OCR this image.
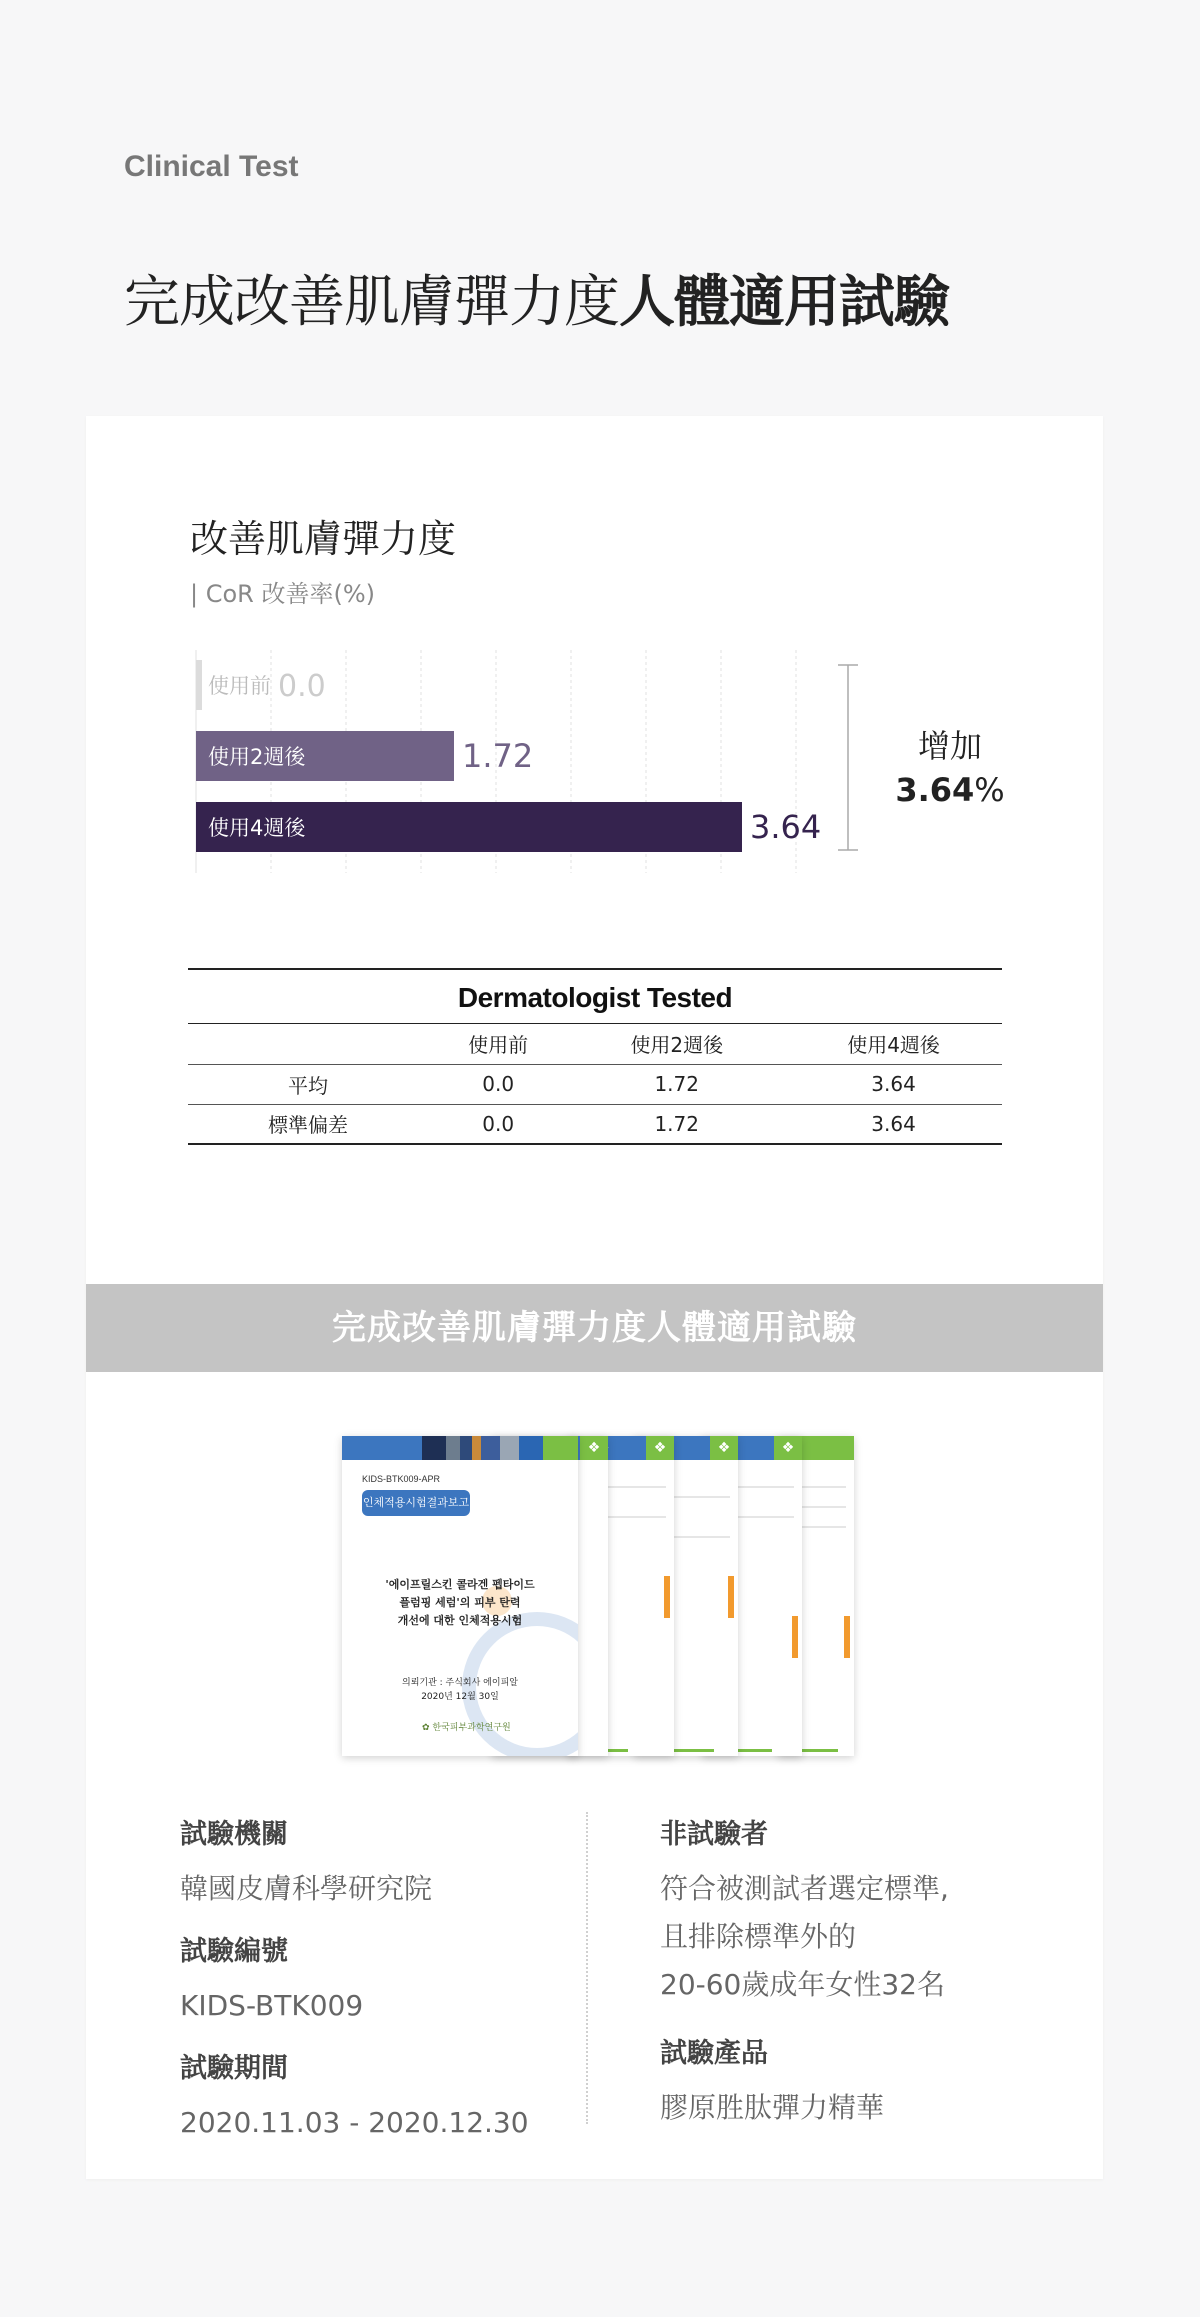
Clinical Test
完成改善肌膚彈力度人體適用試驗
改善肌膚彈力度
| CoR 改善率(%)
使用前 0.0
使用2週後	1.72
使用4週後	3.64
增加
3.64%
Dermatologist Tested
	使用前	使用2週後	使用4週後
平均	0.0	1.72	3.64
標準偏差	0.0	1.72	3.64
完成改善肌膚彈力度人體適用試驗
❖
❖
❖
❖
KIDS-BTK009-APR
인체적용시험결과보고서
'에이프릴스킨 콜라겐 펩타이드
플럼핑 세럼'의 피부 탄력
개선에 대한 인체적용시험
의뢰기관 : 주식회사 에이피알
2020년 12월 30일
✿ 한국피부과학연구원
試驗機關
韓國皮膚科學研究院
試驗編號
KIDS-BTK009
試驗期間
2020.11.03 - 2020.12.30
非試驗者
符合被測試者選定標準,
且排除標準外的
20-60歲成年女性32名
試驗產品
膠原胜肽彈力精華
